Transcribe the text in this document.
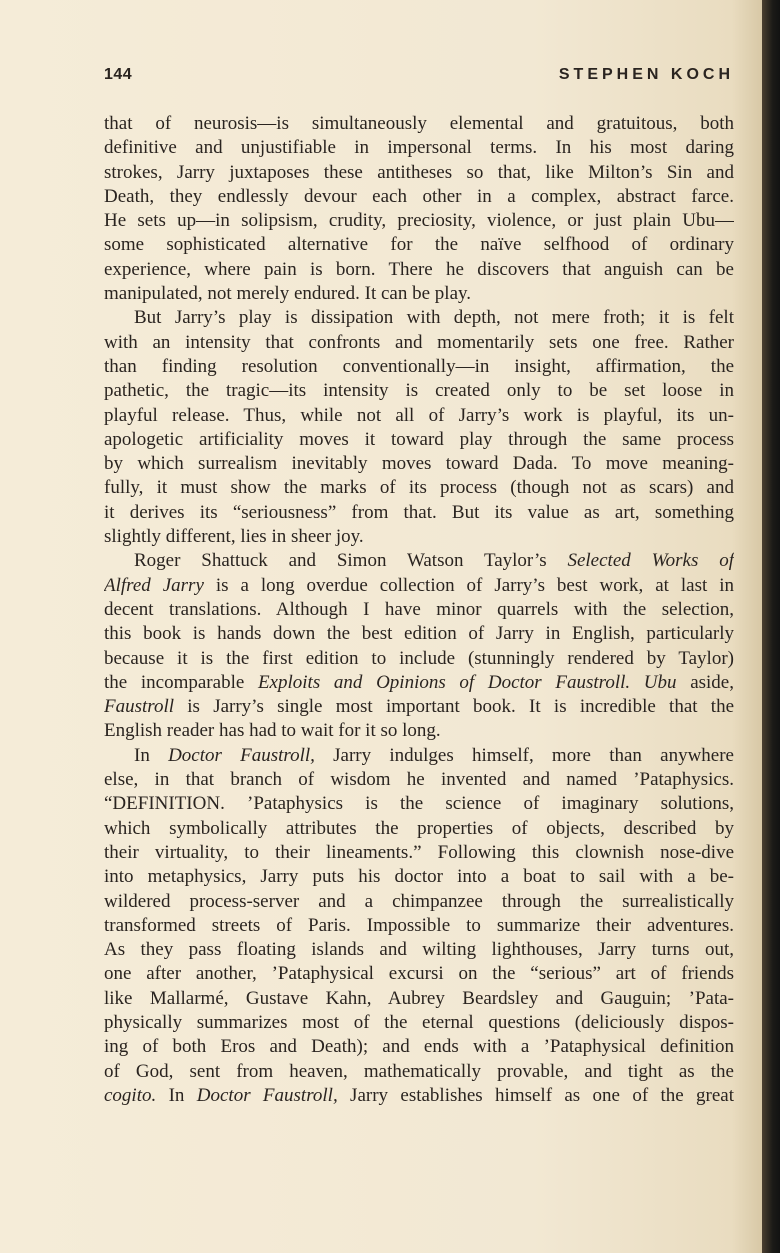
144	STEPHEN KOCH
that of neurosis—is simultaneously elemental and gratuitous, both
definitive and unjustifiable in impersonal terms. In his most daring
strokes, Jarry juxtaposes these antitheses so that, like Milton’s Sin and
Death, they endlessly devour each other in a complex, abstract farce.
He sets up—in solipsism, crudity, preciosity, violence, or just plain Ubu—
some sophisticated alternative for the naïve selfhood of ordinary
experience, where pain is born. There he discovers that anguish can be
manipulated, not merely endured. It can be play.
But Jarry’s play is dissipation with depth, not mere froth; it is felt
with an intensity that confronts and momentarily sets one free. Rather
than finding resolution conventionally—in insight, affirmation, the
pathetic, the tragic—its intensity is created only to be set loose in
playful release. Thus, while not all of Jarry’s work is playful, its un-
apologetic artificiality moves it toward play through the same process
by which surrealism inevitably moves toward Dada. To move meaning-
fully, it must show the marks of its process (though not as scars) and
it derives its “seriousness” from that. But its value as art, something
slightly different, lies in sheer joy.
Roger Shattuck and Simon Watson Taylor’s Selected Works of
Alfred Jarry is a long overdue collection of Jarry’s best work, at last in
decent translations. Although I have minor quarrels with the selection,
this book is hands down the best edition of Jarry in English, particularly
because it is the first edition to include (stunningly rendered by Taylor)
the incomparable Exploits and Opinions of Doctor Faustroll. Ubu aside,
Faustroll is Jarry’s single most important book. It is incredible that the
English reader has had to wait for it so long.
In Doctor Faustroll, Jarry indulges himself, more than anywhere
else, in that branch of wisdom he invented and named ’Pataphysics.
“DEFINITION. ’Pataphysics is the science of imaginary solutions,
which symbolically attributes the properties of objects, described by
their virtuality, to their lineaments.” Following this clownish nose-dive
into metaphysics, Jarry puts his doctor into a boat to sail with a be-
wildered process-server and a chimpanzee through the surrealistically
transformed streets of Paris. Impossible to summarize their adventures.
As they pass floating islands and wilting lighthouses, Jarry turns out,
one after another, ’Pataphysical excursi on the “serious” art of friends
like Mallarmé, Gustave Kahn, Aubrey Beardsley and Gauguin; ’Pata-
physically summarizes most of the eternal questions (deliciously dispos-
ing of both Eros and Death); and ends with a ’Pataphysical definition
of God, sent from heaven, mathematically provable, and tight as the
cogito. In Doctor Faustroll, Jarry establishes himself as one of the great
